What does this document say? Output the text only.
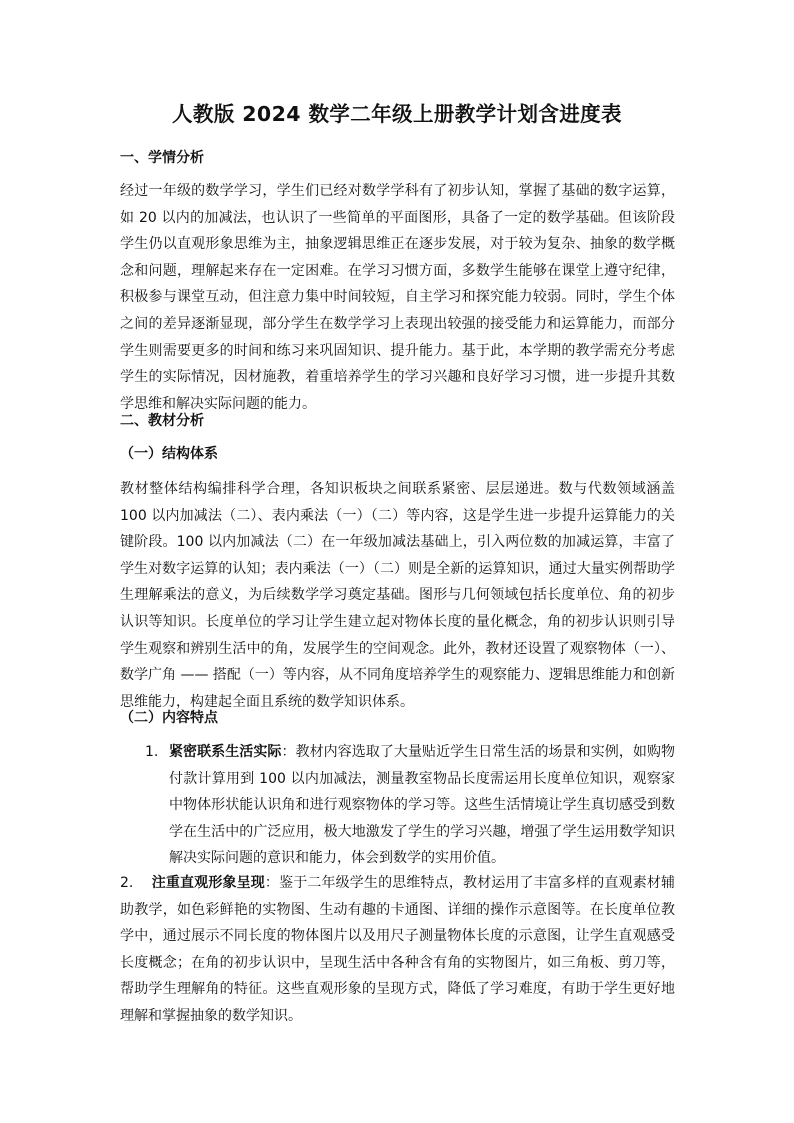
人教版 2024 数学二年级上册教学计划含进度表
一、学情分析
经过一年级的数学学习，学生们已经对数学学科有了初步认知，掌握了基础的数字运算，如 20 以内的加减法，也认识了一些简单的平面图形，具备了一定的数学基础。但该阶段学生仍以直观形象思维为主，抽象逻辑思维正在逐步发展，对于较为复杂、抽象的数学概念和问题，理解起来存在一定困难。在学习习惯方面，多数学生能够在课堂上遵守纪律，积极参与课堂互动，但注意力集中时间较短，自主学习和探究能力较弱。同时，学生个体之间的差异逐渐显现，部分学生在数学学习上表现出较强的接受能力和运算能力，而部分学生则需要更多的时间和练习来巩固知识、提升能力。基于此，本学期的教学需充分考虑学生的实际情况，因材施教，着重培养学生的学习兴趣和良好学习习惯，进一步提升其数学思维和解决实际问题的能力。
二、教材分析
（一）结构体系
教材整体结构编排科学合理，各知识板块之间联系紧密、层层递进。数与代数领域涵盖 100 以内加减法（二）、表内乘法（一）（二）等内容，这是学生进一步提升运算能力的关键阶段。100 以内加减法（二）在一年级加减法基础上，引入两位数的加减运算，丰富了学生对数字运算的认知；表内乘法（一）（二）则是全新的运算知识，通过大量实例帮助学生理解乘法的意义，为后续数学学习奠定基础。图形与几何领域包括长度单位、角的初步认识等知识。长度单位的学习让学生建立起对物体长度的量化概念，角的初步认识则引导学生观察和辨别生活中的角，发展学生的空间观念。此外，教材还设置了观察物体（一）、数学广角 —— 搭配（一）等内容，从不同角度培养学生的观察能力、逻辑思维能力和创新思维能力，构建起全面且系统的数学知识体系。
（二）内容特点
1. 紧密联系生活实际：教材内容选取了大量贴近学生日常生活的场景和实例，如购物付款计算用到 100 以内加减法，测量教室物品长度需运用长度单位知识，观察家中物体形状能认识角和进行观察物体的学习等。这些生活情境让学生真切感受到数学在生活中的广泛应用，极大地激发了学生的学习兴趣，增强了学生运用数学知识解决实际问题的意识和能力，体会到数学的实用价值。
2. 注重直观形象呈现：鉴于二年级学生的思维特点，教材运用了丰富多样的直观素材辅助教学，如色彩鲜艳的实物图、生动有趣的卡通图、详细的操作示意图等。在长度单位教学中，通过展示不同长度的物体图片以及用尺子测量物体长度的示意图，让学生直观感受长度概念；在角的初步认识中，呈现生活中各种含有角的实物图片，如三角板、剪刀等，帮助学生理解角的特征。这些直观形象的呈现方式，降低了学习难度，有助于学生更好地理解和掌握抽象的数学知识。
